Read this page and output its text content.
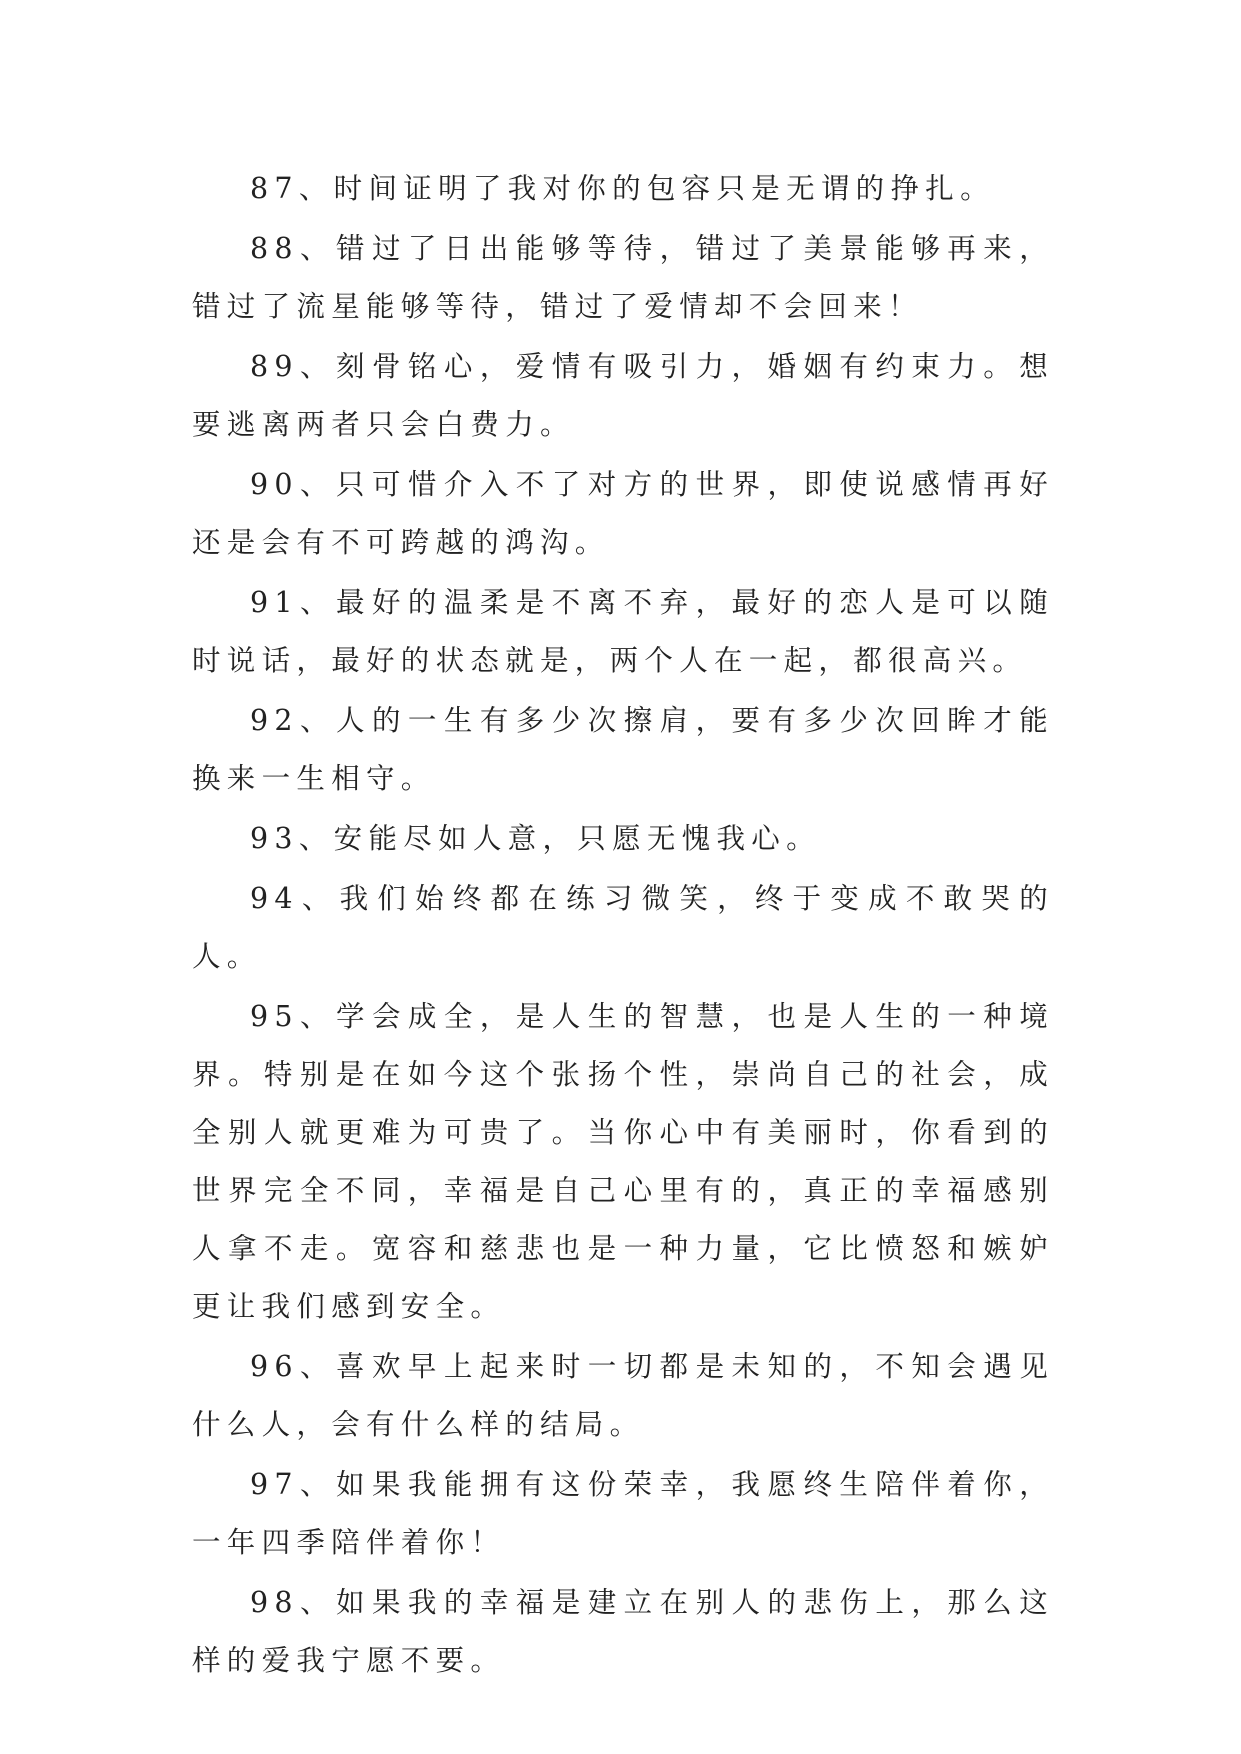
87、时间证明了我对你的包容只是无谓的挣扎。

88、错过了日出能够等待，错过了美景能够再来，错过了流星能够等待，错过了爱情却不会回来！

89、刻骨铭心，爱情有吸引力，婚姻有约束力。想要逃离两者只会白费力。

90、只可惜介入不了对方的世界，即使说感情再好还是会有不可跨越的鸿沟。

91、最好的温柔是不离不弃，最好的恋人是可以随时说话，最好的状态就是，两个人在一起，都很高兴。

92、人的一生有多少次擦肩，要有多少次回眸才能换来一生相守。

93、安能尽如人意，只愿无愧我心。

94、我们始终都在练习微笑，终于变成不敢哭的人。

95、学会成全，是人生的智慧，也是人生的一种境界。特别是在如今这个张扬个性，崇尚自己的社会，成全别人就更难为可贵了。当你心中有美丽时，你看到的世界完全不同，幸福是自己心里有的，真正的幸福感别人拿不走。宽容和慈悲也是一种力量，它比愤怒和嫉妒更让我们感到安全。

96、喜欢早上起来时一切都是未知的，不知会遇见什么人，会有什么样的结局。

97、如果我能拥有这份荣幸，我愿终生陪伴着你，一年四季陪伴着你！

98、如果我的幸福是建立在别人的悲伤上，那么这样的爱我宁愿不要。
